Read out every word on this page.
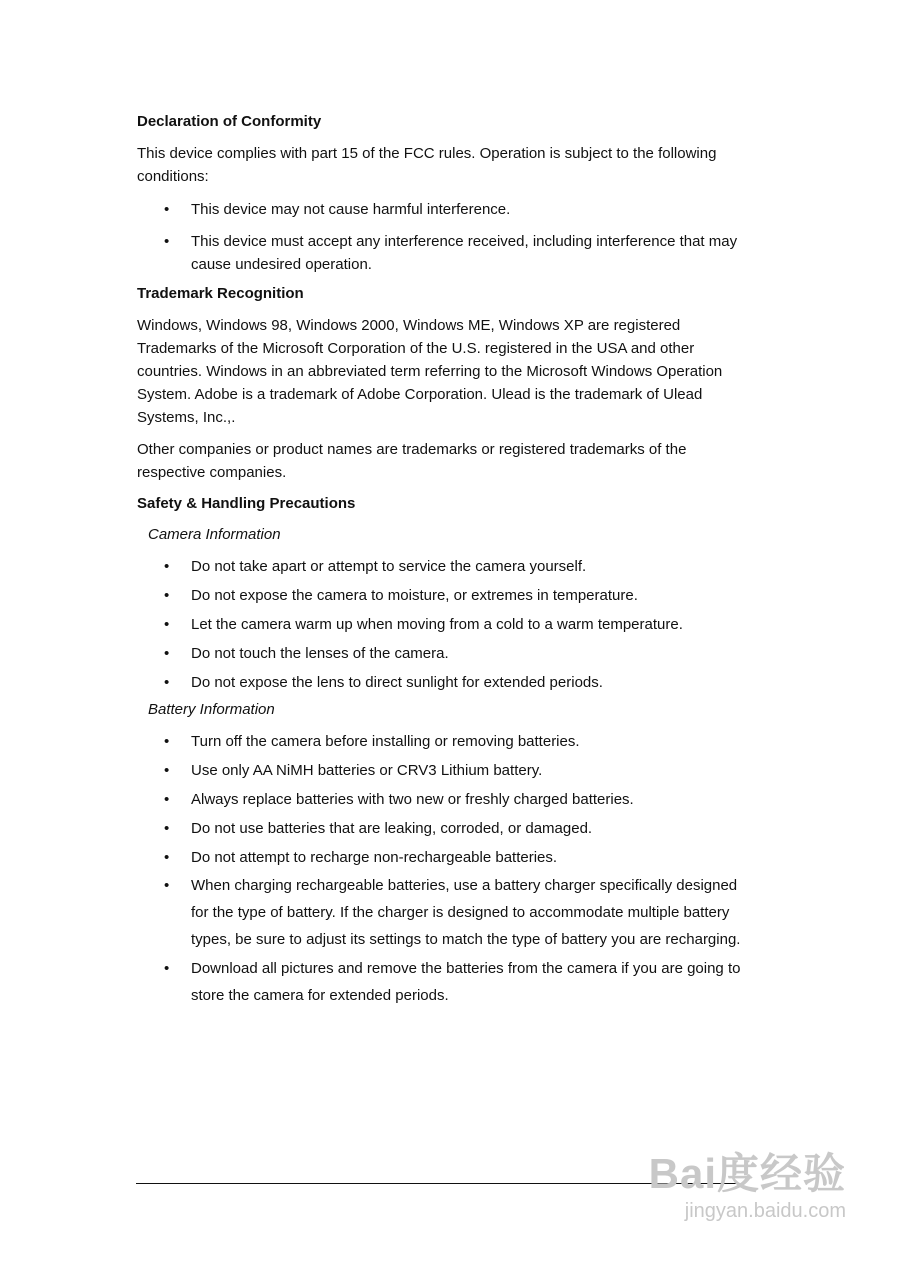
Declaration of Conformity

This device complies with part 15 of the FCC rules. Operation is subject to the following conditions:

• This device may not cause harmful interference.
• This device must accept any interference received, including interference that may cause undesired operation.
Trademark Recognition

Windows, Windows 98, Windows 2000, Windows ME, Windows XP are registered Trademarks of the Microsoft Corporation of the U.S. registered in the USA and other countries. Windows in an abbreviated term referring to the Microsoft Windows Operation System. Adobe is a trademark of Adobe Corporation. Ulead is the trademark of Ulead Systems, Inc.,.

Other companies or product names are trademarks or registered trademarks of the respective companies.

Safety & Handling Precautions

Camera Information

• Do not take apart or attempt to service the camera yourself.
• Do not expose the camera to moisture, or extremes in temperature.
• Let the camera warm up when moving from a cold to a warm temperature.
• Do not touch the lenses of the camera.
• Do not expose the lens to direct sunlight for extended periods.

Battery Information

• Turn off the camera before installing or removing batteries.
• Use only AA NiMH batteries or CRV3 Lithium battery.
• Always replace batteries with two new or freshly charged batteries.
• Do not use batteries that are leaking, corroded, or damaged.
• Do not attempt to recharge non-rechargeable batteries.
• When charging rechargeable batteries, use a battery charger specifically designed for the type of battery. If the charger is designed to accommodate multiple battery types, be sure to adjust its settings to match the type of battery you are recharging.
• Download all pictures and remove the batteries from the camera if you are going to store the camera for extended periods.
Bai度经验
jingyan.baidu.com
